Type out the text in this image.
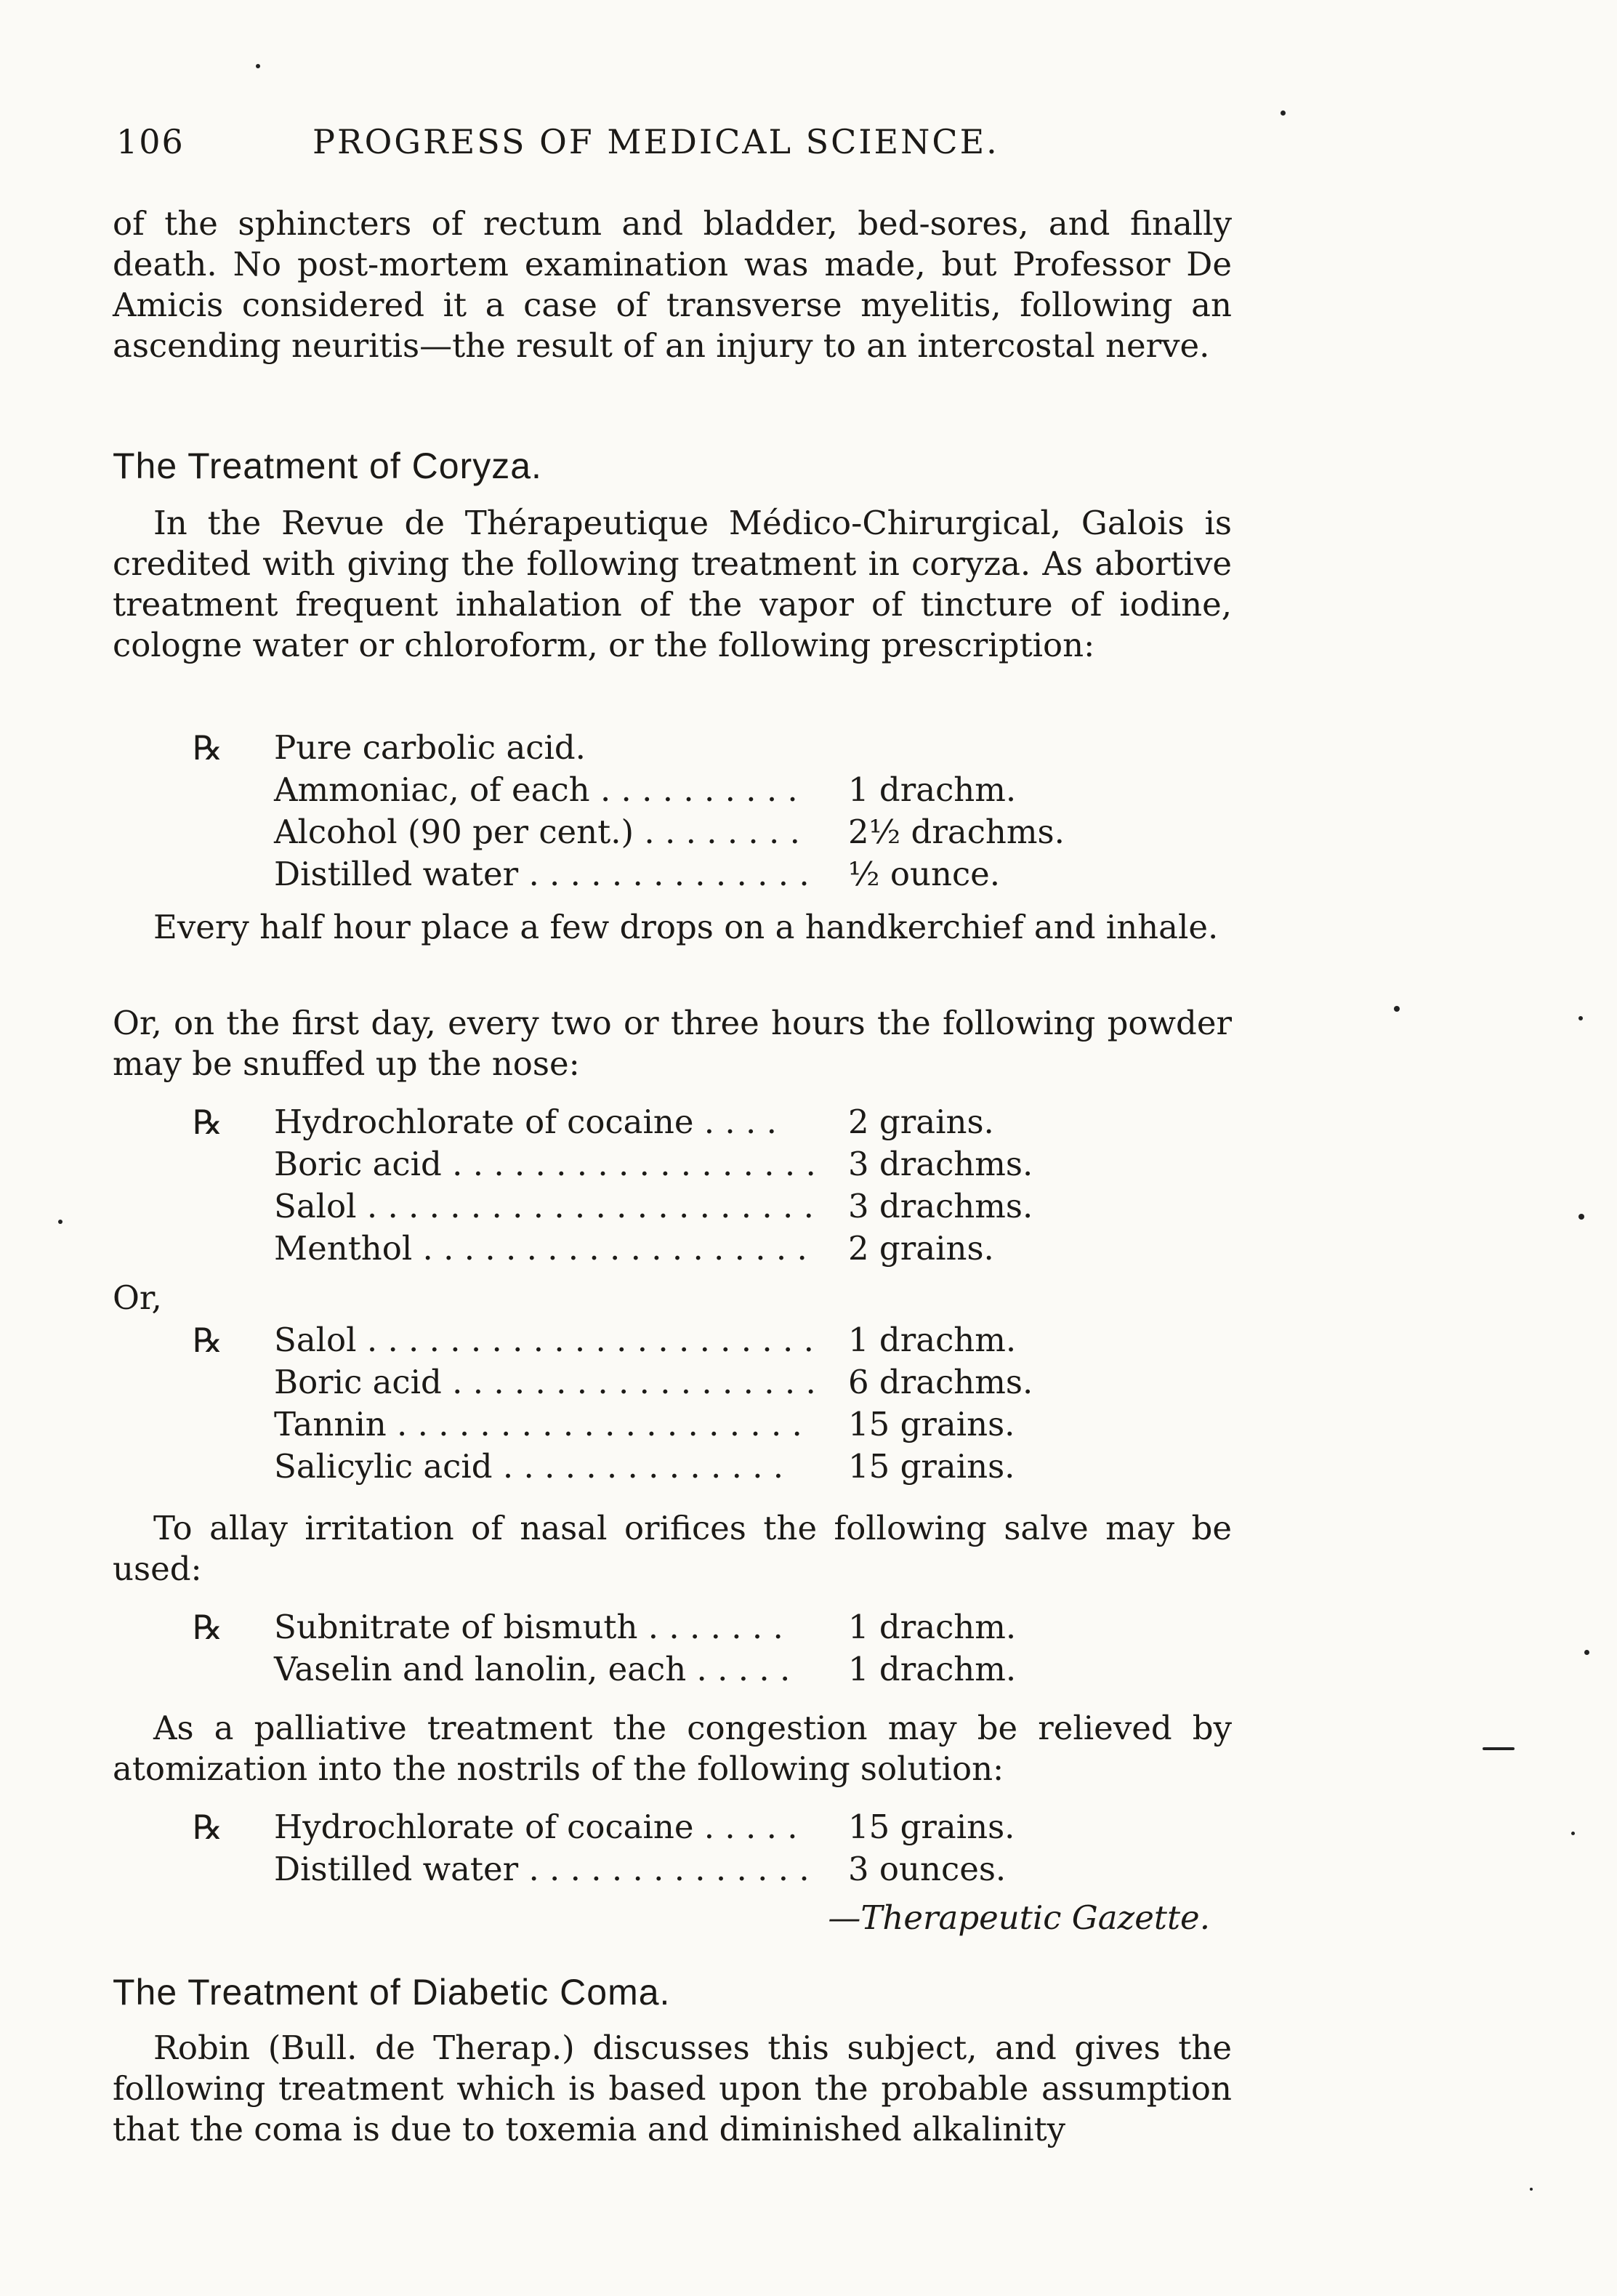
106	PROGRESS OF MEDICAL SCIENCE.

of the sphincters of rectum and bladder, bed-sores, and finally death. No post-mortem examination was made, but Professor De Amicis considered it a case of transverse myelitis, following an ascending neuritis—the result of an injury to an intercostal nerve.

The Treatment of Coryza.

In the Revue de Thérapeutique Médico-Chirurgical, Galois is credited with giving the following treatment in coryza. As abortive treatment frequent inhalation of the vapor of tincture of iodine, cologne water or chloroform, or the following prescription:

℞ Pure carbolic acid.
Ammoniac, of each . . . . . . . . . . 1 drachm.
Alcohol (90 per cent.) . . . . . . . . 2½ drachms.
Distilled water . . . . . . . . . . . . . . ½ ounce.

Every half hour place a few drops on a handkerchief and inhale.

Or, on the first day, every two or three hours the following powder may be snuffed up the nose:

℞ Hydrochlorate of cocaine . . . . 2 grains.
Boric acid . . . . . . . . . . . . . . . . . . 3 drachms.
Salol . . . . . . . . . . . . . . . . . . . . . . 3 drachms.
Menthol . . . . . . . . . . . . . . . . . . . 2 grains.

Or,

℞ Salol . . . . . . . . . . . . . . . . . . . . . . 1 drachm.
Boric acid . . . . . . . . . . . . . . . . . . 6 drachms.
Tannin . . . . . . . . . . . . . . . . . . . . 15 grains.
Salicylic acid . . . . . . . . . . . . . . 15 grains.

To allay irritation of nasal orifices the following salve may be used:

℞ Subnitrate of bismuth . . . . . . . 1 drachm.
Vaselin and lanolin, each . . . . . 1 drachm.

As a palliative treatment the congestion may be relieved by atomization into the nostrils of the following solution:

℞ Hydrochlorate of cocaine . . . . . 15 grains.
Distilled water . . . . . . . . . . . . . . 3 ounces.
—Therapeutic Gazette.
The Treatment of Diabetic Coma.

Robin (Bull. de Therap.) discusses this subject, and gives the following treatment which is based upon the probable assumption that the coma is due to toxemia and diminished alkalinity
